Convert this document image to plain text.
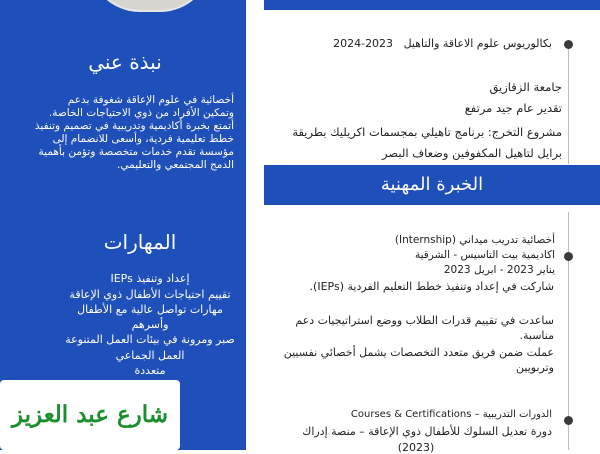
نبذة عني
أخصائية في علوم الإعاقة شغوفة بدعم وتمكين الأفراد من ذوي الاحتياجات الخاصة. أتمتع بخبرة أكاديمية وتدريبية في تصميم وتنفيذ خطط تعليمية فردية، وأسعى للانضمام إلى مؤسسة تقدم خدمات متخصصة وتؤمن بأهمية الدمج المجتمعي والتعليمي.
المهارات
إعداد وتنفيذ IEPs
تقييم احتياجات الأطفال ذوي الإعاقة
مهارات تواصل عالية مع الأطفال وأسرهم
صبر ومرونة في بيئات العمل المتنوعة
العمل الجماعي
متعددة
بكالوريوس علوم الاعاقة والتاهيل   2023-2024
جامعة الزقازيق
تقدير عام جيد مرتفع
مشروع التخرج: برنامج تاهيلي بمجسمات اكريليك بطريقة برايل لتاهيل المكفوفين وضعاف البصر
الخبرة المهنية
أخصائية تدريب ميداني (Internship)
اكاديمية بيت التاسيس - الشرقية
يناير 2023 - ابريل 2023
شاركت في إعداد وتنفيذ خطط التعليم الفردية (IEPs).
ساعدت في تقييم قدرات الطلاب ووضع استراتيجيات دعم مناسبة.
عملت ضمن فريق متعدد التخصصات يشمل أخصائي نفسيين وتربويين
الدورات التدريبية – Courses & Certifications
دورة تعديل السلوك للأطفال ذوي الإعاقة – منصة إدراك
(2023)
شارع عبد العزيز
